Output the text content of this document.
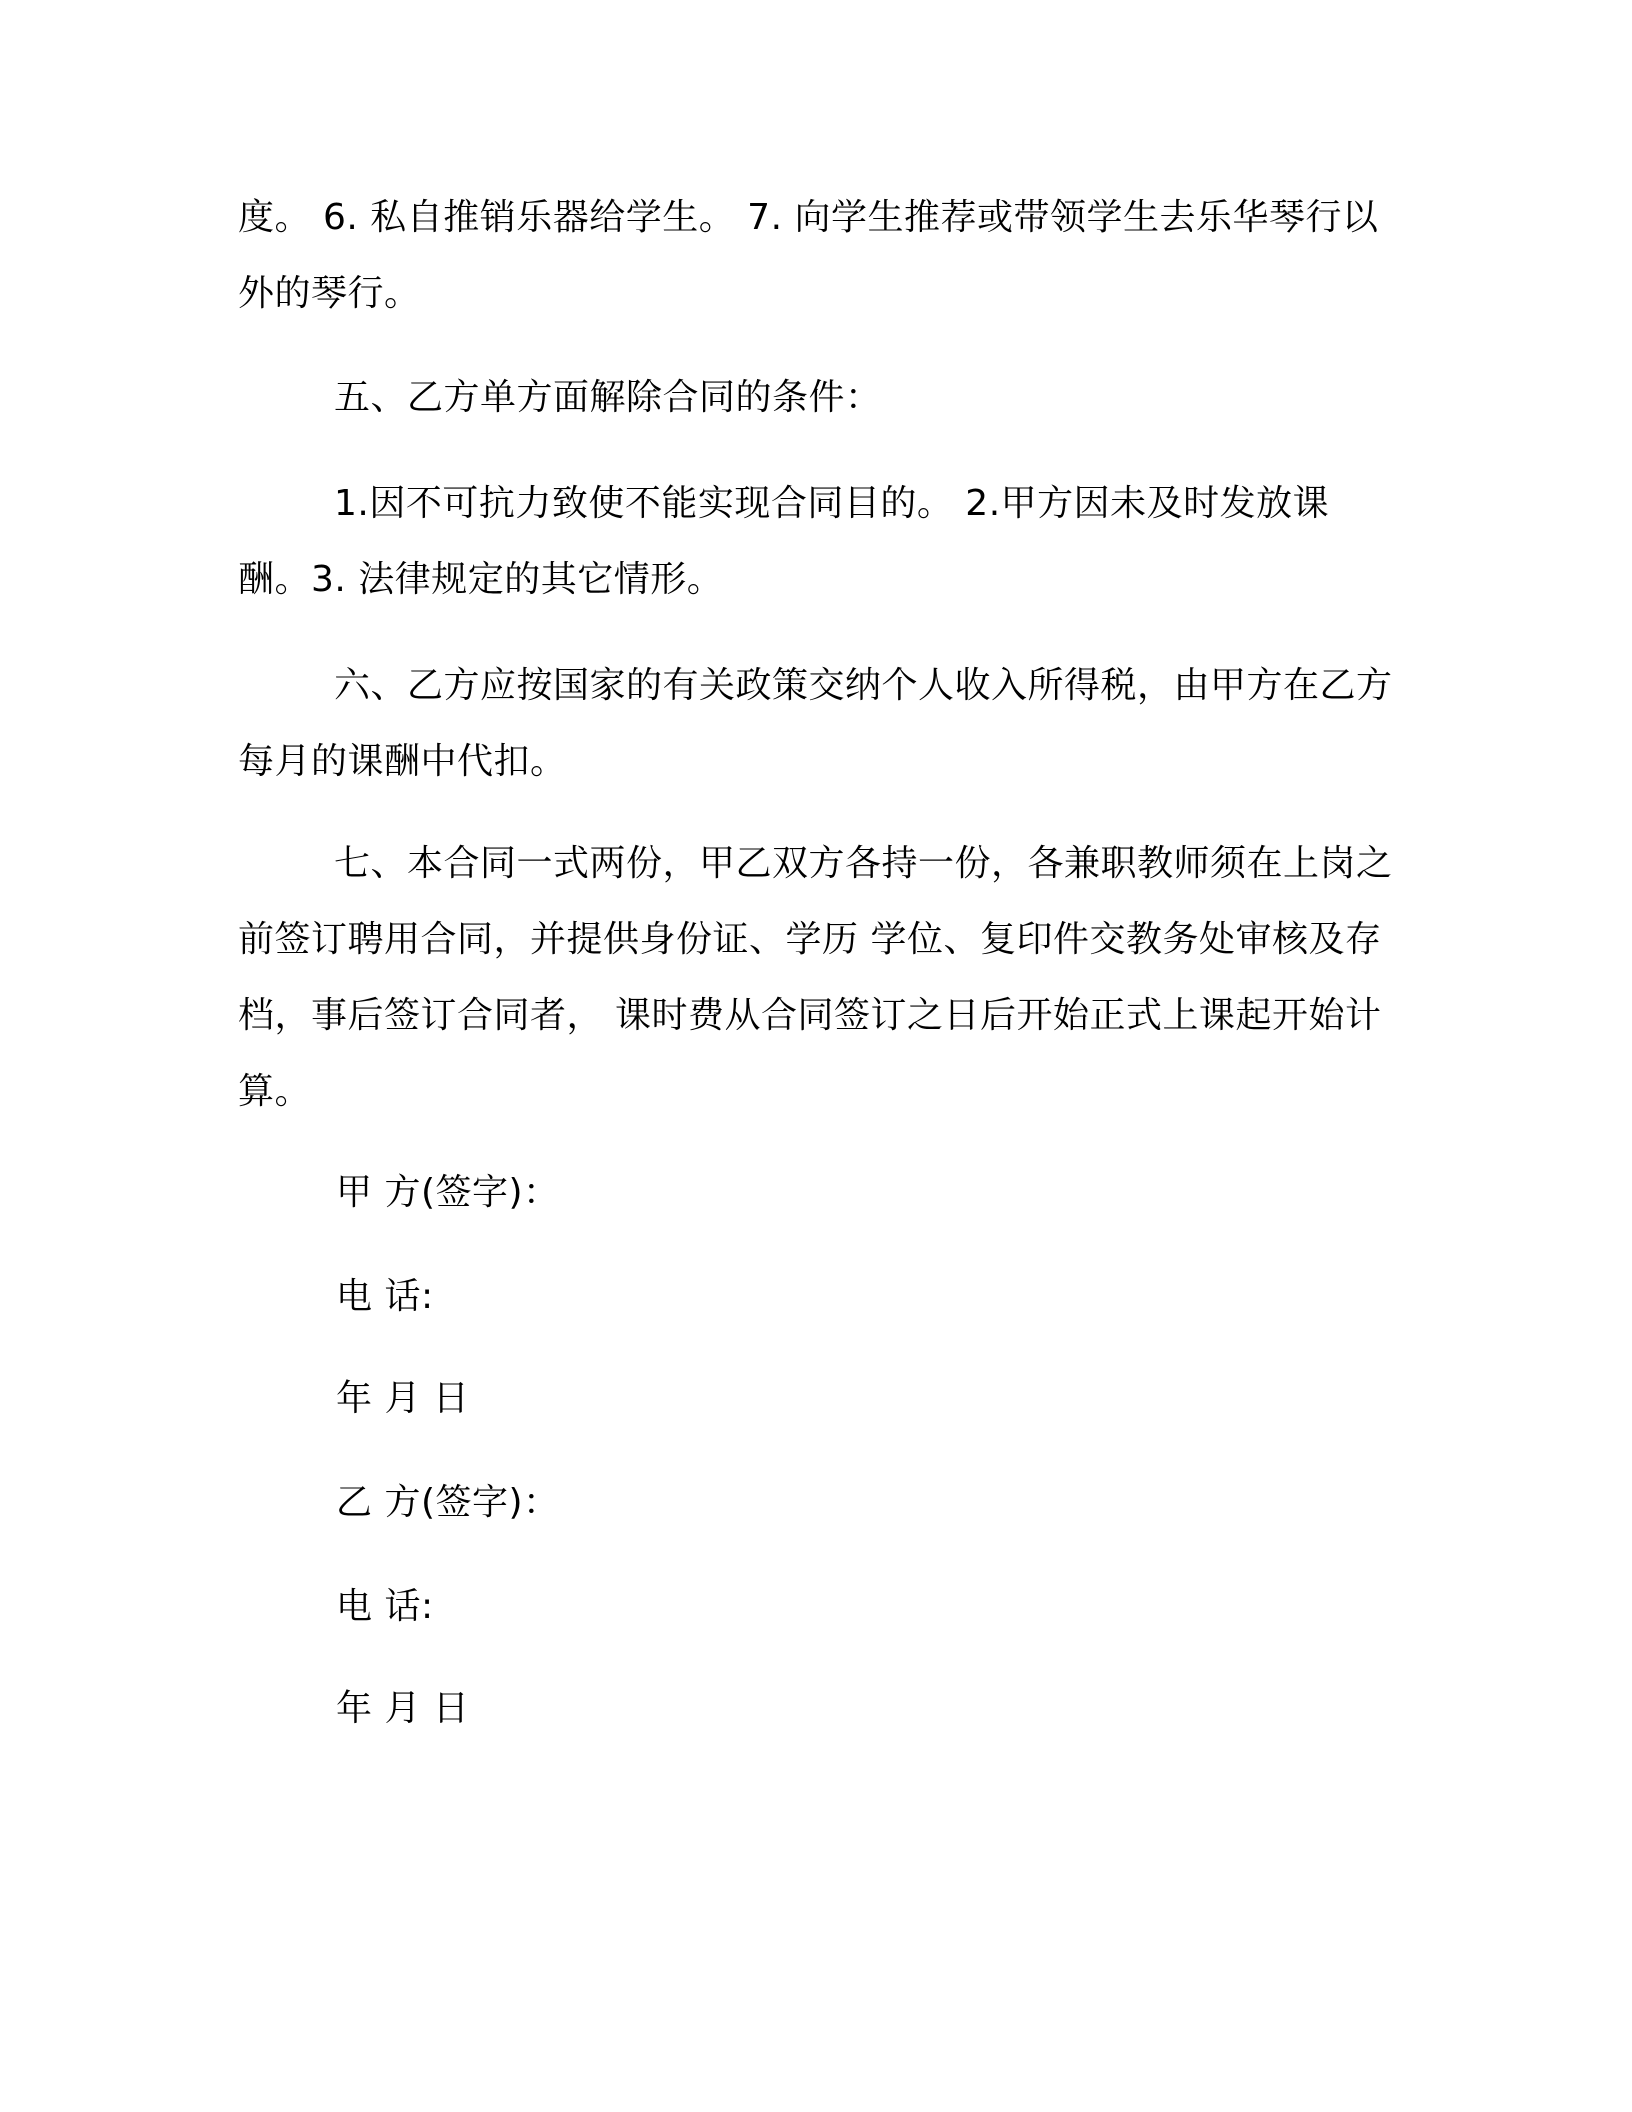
度。 6. 私自推销乐器给学生。 7. 向学生推荐或带领学生去乐华琴行以外的琴行。
五、乙方单方面解除合同的条件：
1.因不可抗力致使不能实现合同目的。 2.甲方因未及时发放课酬。3. 法律规定的其它情形。
六、乙方应按国家的有关政策交纳个人收入所得税，由甲方在乙方每月的课酬中代扣。
七、本合同一式两份，甲乙双方各持一份，各兼职教师须在上岗之前签订聘用合同，并提供身份证、学历 学位、复印件交教务处审核及存档，事后签订合同者， 课时费从合同签订之日后开始正式上课起开始计算。
甲 方(签字)：
电 话:
年 月 日
乙 方(签字)：
电 话:
年 月 日
